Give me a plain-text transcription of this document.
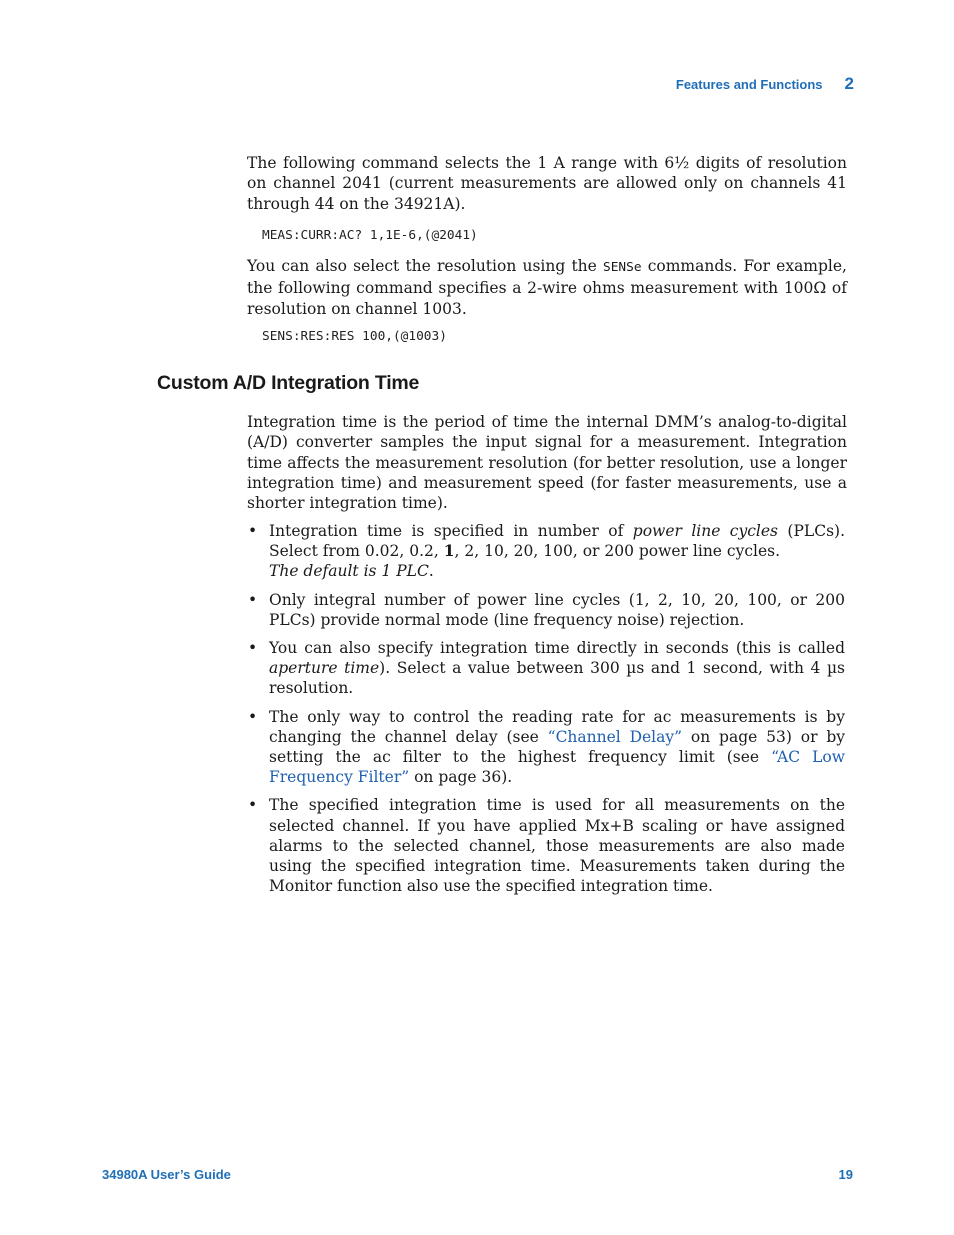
Features and Functions 2
The following command selects the 1 A range with 6½ digits of resolution on channel 2041 (current measurements are allowed only on channels 41 through 44 on the 34921A).
MEAS:CURR:AC? 1,1E-6,(@2041)
You can also select the resolution using the SENSe commands. For example, the following command specifies a 2-wire ohms measurement with 100Ω of resolution on channel 1003.
SENS:RES:RES 100,(@1003)
Custom A/D Integration Time
Integration time is the period of time the internal DMM’s analog-to-digital (A/D) converter samples the input signal for a measurement. Integration time affects the measurement resolution (for better resolution, use a longer integration time) and measurement speed (for faster measurements, use a shorter integration time).
• Integration time is specified in number of power line cycles (PLCs). Select from 0.02, 0.2, 1, 2, 10, 20, 100, or 200 power line cycles.
The default is 1 PLC.
• Only integral number of power line cycles (1, 2, 10, 20, 100, or 200 PLCs) provide normal mode (line frequency noise) rejection.
• You can also specify integration time directly in seconds (this is called aperture time). Select a value between 300 µs and 1 second, with 4 µs resolution.
• The only way to control the reading rate for ac measurements is by changing the channel delay (see “Channel Delay” on page 53) or by setting the ac filter to the highest frequency limit (see “AC Low Frequency Filter” on page 36).
• The specified integration time is used for all measurements on the selected channel. If you have applied Mx+B scaling or have assigned alarms to the selected channel, those measurements are also made using the specified integration time. Measurements taken during the Monitor function also use the specified integration time.
34980A User’s Guide	19
